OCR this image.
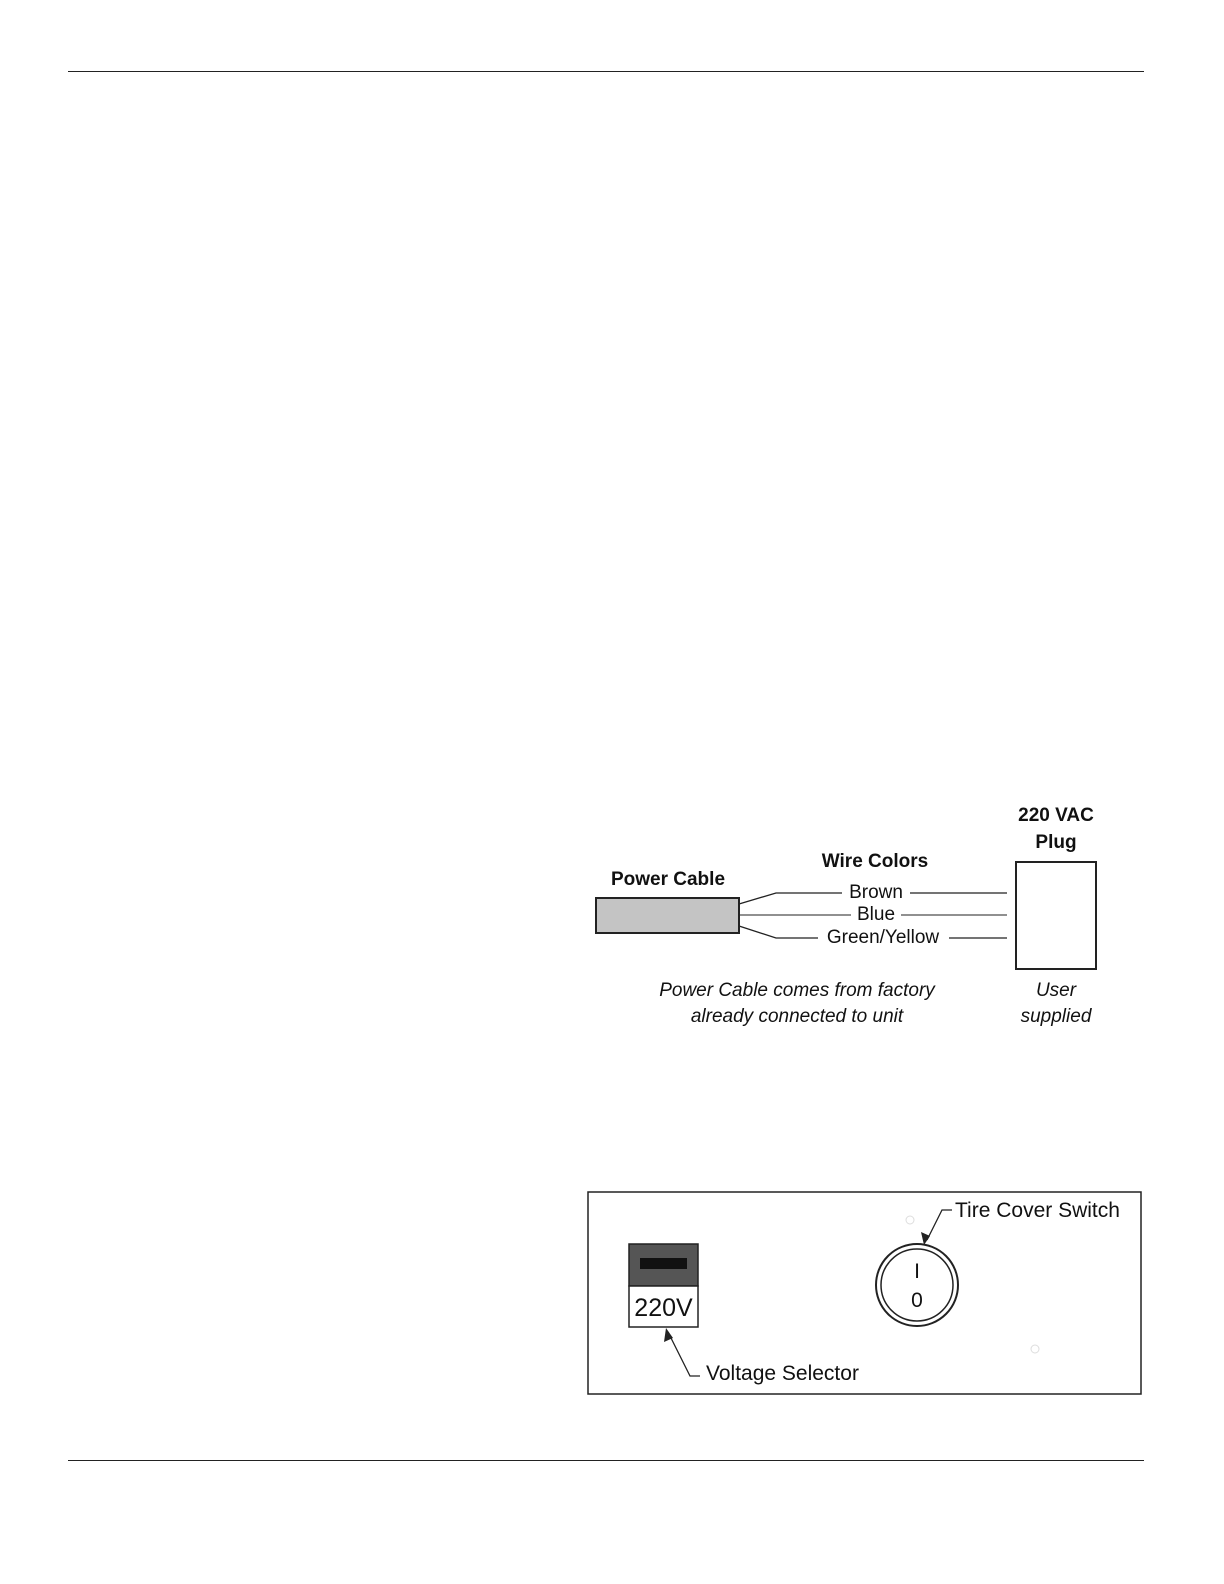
220 VAC
Plug
Wire Colors
Power Cable
Brown
Blue
Green/Yellow
Power Cable comes from factory
already connected to unit
User
supplied
Tire Cover Switch
I
0
220V
Voltage Selector
